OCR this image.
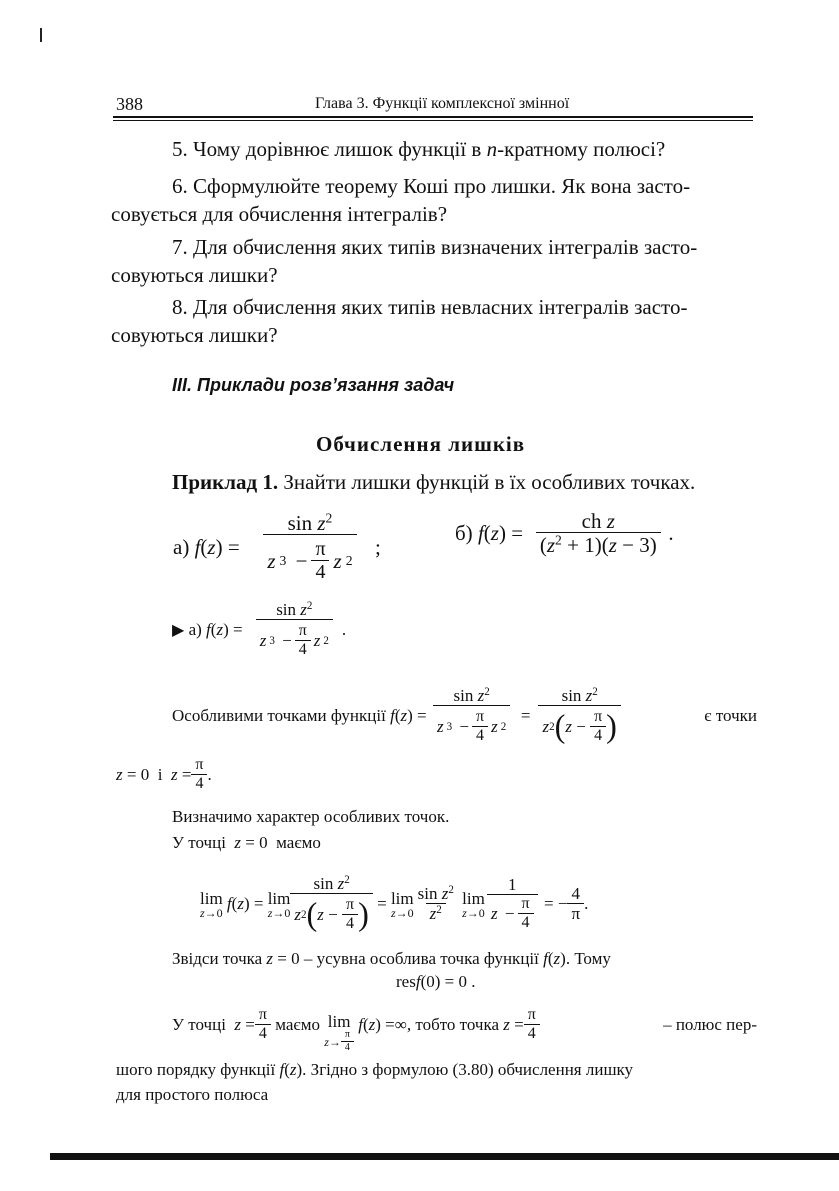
388	Глава 3. Функції комплексної змінної
5. Чому дорівнює лишок функції в n-кратному полюсі?
6. Сформулюйте теорему Коші про лишки. Як вона засто-
совується для обчислення інтегралів?
7. Для обчислення яких типів визначених інтегралів засто-
совуються лишки?
8. Для обчислення яких типів невласних інтегралів засто-
совуються лишки?
III. Приклади розв’язання задач
Обчислення лишків
Приклад 1. Знайти лишки функцій в їх особливих точках.
а)
f ( z ) = $\frac{\sin z^2}{z 3 - \frac{\pi}{4} z 2}$ ;
б)
f ( z ) = $\frac{\text{ch z}}{(z^2 + 1)(z - 3)}$ .
▶
а)
f ( z ) = $\frac{\sin z^2}{z 3 - \frac{\pi}{4} z 2}$ .
Особливими точками функції
f ( z ) = $\frac{\sin z^2}{z 3 - \frac{\pi}{4} z 2} = \frac{\sin z^2}{z 2 ( z - \frac{\pi}{4} )}$	є точки
z = 0
і
$z = \frac{\pi}{4}$ .
Визначимо характер особливих точок.
У точці z = 0 маємо
lim
z→0
f ( z ) = lim
$z\to 0 \frac{\sin z^2}{z 2 ( z - \frac{\pi}{4} )} = \lim$
$z\to 0 \frac{\sin z^2}{z^2}$
lim
$z\to 0 \frac{1}{z - \frac{\pi}{4}}$ = − $\frac{4}{\pi}$ .
Звідси точка z = 0 – усувна особлива точка функції f(z). Тому
resf(0) = 0 .
У точці
$z = \frac{\pi}{4}$
маємо
lim
$z \to \frac{\pi}{4}$

f ( z ) = ∞ , тобто точка
$z = \frac{\pi}{4}$	– полюс пер-
шого порядку функції f(z). Згідно з формулою (3.80) обчислення лишку
для простого полюса
